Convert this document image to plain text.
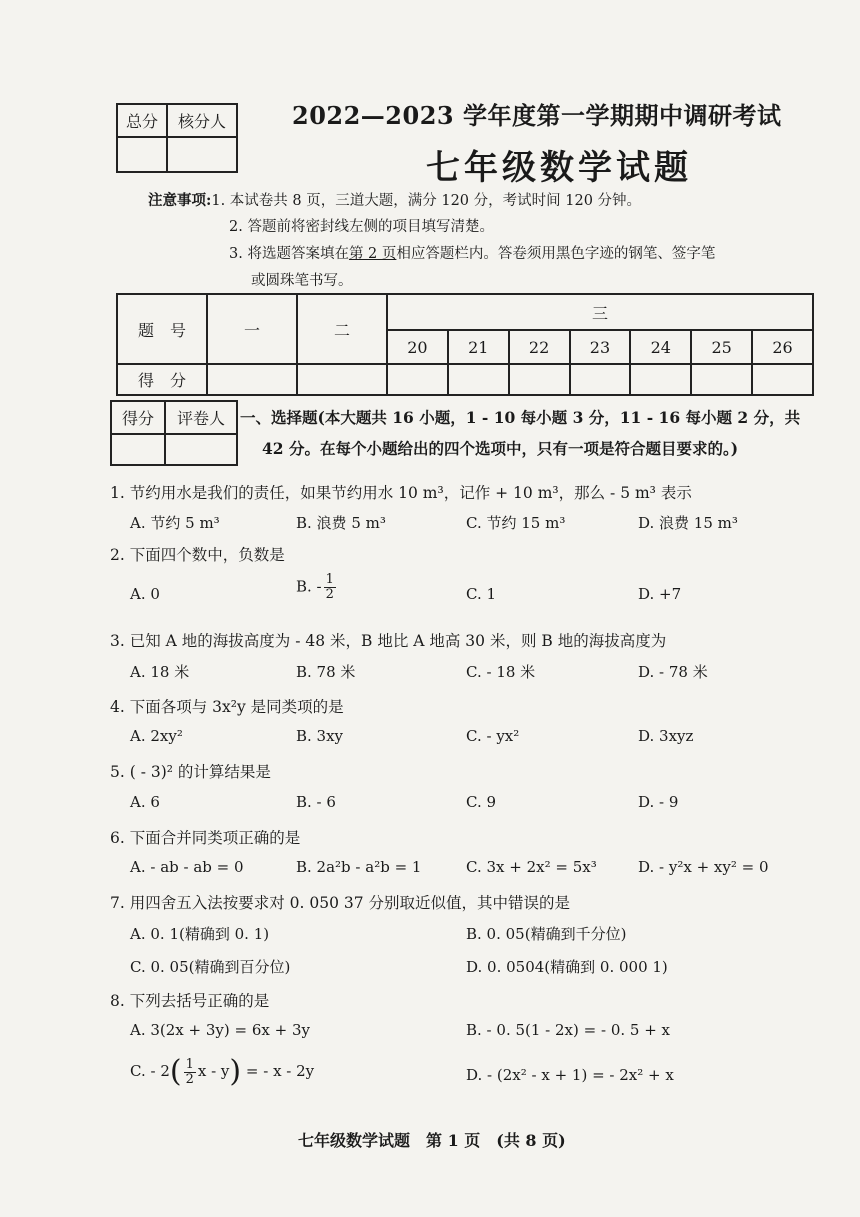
总分	核分人
		2022—2023 学年度第一学期期中调研考试
七年级数学试题
注意事项:1. 本试卷共 8 页，三道大题，满分 120 分，考试时间 120 分钟。
2. 答题前将密封线左侧的项目填写清楚。
3. 将选题答案填在第 2 页相应答题栏内。答卷须用黑色字迹的钢笔、签字笔
或圆珠笔书写。
题　号	一	二	三						
			20	21	22	23	24	25	26
得　分									
得分	评卷人
	一、选择题(本大题共 16 小题，1 - 10 每小题 3 分，11 - 16 每小题 2 分，共
42 分。在每个小题给出的四个选项中，只有一项是符合题目要求的。)
1. 节约用水是我们的责任，如果节约用水 10 m³，记作 + 10 m³，那么 - 5 m³ 表示
A. 节约 5 m³	B. 浪费 5 m³	C. 节约 15 m³	D. 浪费 15 m³
2. 下面四个数中，负数是
A. 0	B. - $\frac{1}{2}$	C. 1	D. +7
3. 已知 A 地的海拔高度为 - 48 米，B 地比 A 地高 30 米，则 B 地的海拔高度为
A. 18 米	B. 78 米	C. - 18 米	D. - 78 米
4. 下面各项与 3x²y 是同类项的是
A. 2xy²	B. 3xy	C. - yx²	D. 3xyz
5. ( - 3)² 的计算结果是
A. 6	B. - 6	C. 9	D. - 9
6. 下面合并同类项正确的是
A. - ab - ab = 0	B. 2a²b - a²b = 1	C. 3x + 2x² = 5x³	D. - y²x + xy² = 0
7. 用四舍五入法按要求对 0. 050 37 分别取近似值，其中错误的是
A. 0. 1(精确到 0. 1)	B. 0. 05(精确到千分位)
C. 0. 05(精确到百分位)	D. 0. 0504(精确到 0. 000 1)
8. 下列去括号正确的是
A. 3(2x + 3y) = 6x + 3y	B. - 0. 5(1 - 2x) = - 0. 5 + x
C. - $2( \frac{1}{2}$ x - y) = - x - 2y	D. - (2x² - x + 1) = - 2x² + x
七年级数学试题　第 1 页　(共 8 页)
